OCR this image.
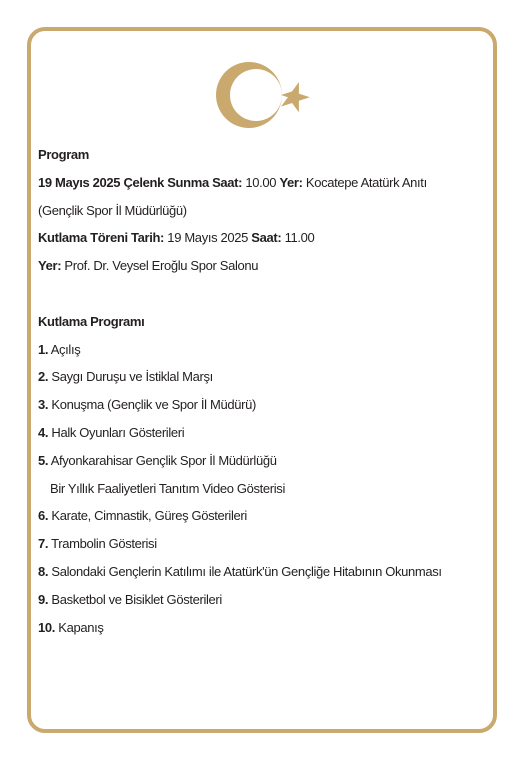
Program
19 Mayıs 2025 Çelenk Sunma Saat: 10.00 Yer: Kocatepe Atatürk Anıtı
(Gençlik Spor İl Müdürlüğü)
Kutlama Töreni Tarih: 19 Mayıs 2025 Saat: 11.00
Yer: Prof. Dr. Veysel Eroğlu Spor Salonu
Kutlama Programı
1. Açılış
2. Saygı Duruşu ve İstiklal Marşı
3. Konuşma (Gençlik ve Spor İl Müdürü)
4. Halk Oyunları Gösterileri
5. Afyonkarahisar Gençlik Spor İl Müdürlüğü
Bir Yıllık Faaliyetleri Tanıtım Video Gösterisi
6. Karate, Cimnastik, Güreş Gösterileri
7. Trambolin Gösterisi
8. Salondaki Gençlerin Katılımı ile Atatürk'ün Gençliğe Hitabının Okunması
9. Basketbol ve Bisiklet Gösterileri
10. Kapanış
